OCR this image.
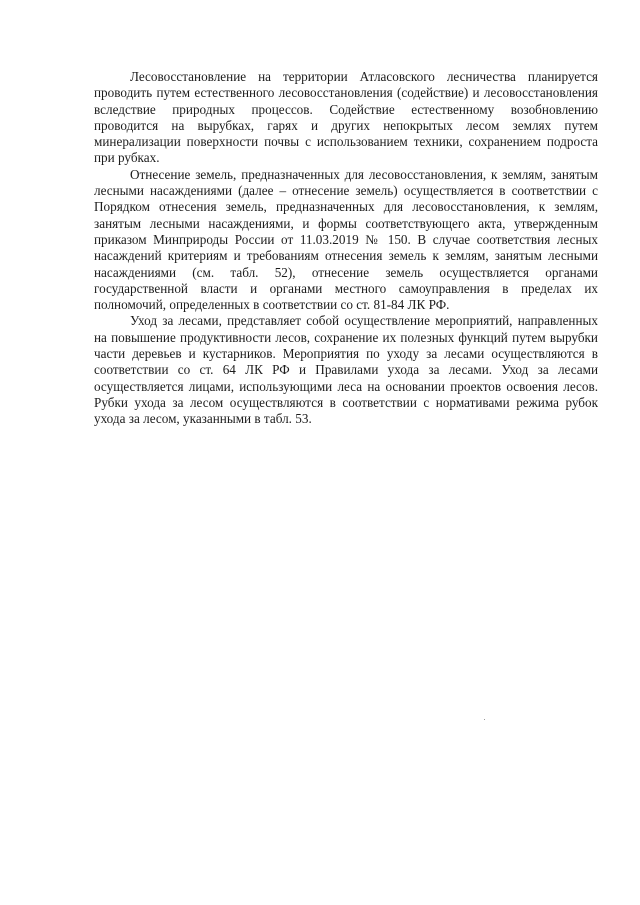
Лесовосстановление на территории Атласовского лесничества планируется проводить путем естественного лесовосстановления (содействие) и лесовосстановления вследствие природных процессов. Содействие естественному возобновлению проводится на вырубках, гарях и других непокрытых лесом землях путем минерализации поверхности почвы с использованием техники, сохранением подроста при рубках.

Отнесение земель, предназначенных для лесовосстановления, к землям, занятым лесными насаждениями (далее – отнесение земель) осуществляется в соответствии с Порядком отнесения земель, предназначенных для лесовосстановления, к землям, занятым лесными насаждениями, и формы соответствующего акта, утвержденным приказом Минприроды России от 11.03.2019 № 150. В случае соответствия лесных насаждений критериям и требованиям отнесения земель к землям, занятым лесными насаждениями (см. табл. 52), отнесение земель осуществляется органами государственной власти и органами местного самоуправления в пределах их полномочий, определенных в соответствии со ст. 81-84 ЛК РФ.

Уход за лесами, представляет собой осуществление мероприятий, направленных на повышение продуктивности лесов, сохранение их полезных функций путем вырубки части деревьев и кустарников. Мероприятия по уходу за лесами осуществляются в соответствии со ст. 64 ЛК РФ и Правилами ухода за лесами. Уход за лесами осуществляется лицами, использующими леса на основании проектов освоения лесов. Рубки ухода за лесом осуществляются в соответствии с нормативами режима рубок ухода за лесом, указанными в табл. 53.
